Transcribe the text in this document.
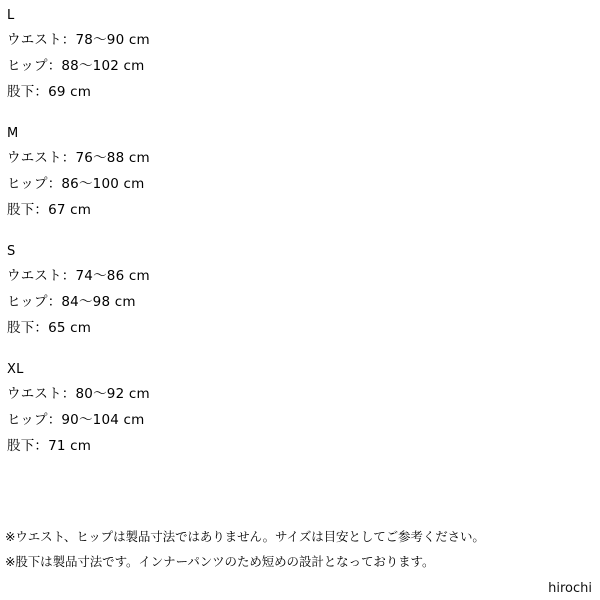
L
ウエスト：78〜90 cm
ヒップ：88〜102 cm
股下：69 cm
M
ウエスト：76〜88 cm
ヒップ：86〜100 cm
股下：67 cm
S
ウエスト：74〜86 cm
ヒップ：84〜98 cm
股下：65 cm
XL
ウエスト：80〜92 cm
ヒップ：90〜104 cm
股下：71 cm
※ウエスト、ヒップは製品寸法ではありません。サイズは目安としてご参考ください。
※股下は製品寸法です。インナーパンツのため短めの設計となっております。
hirochi
